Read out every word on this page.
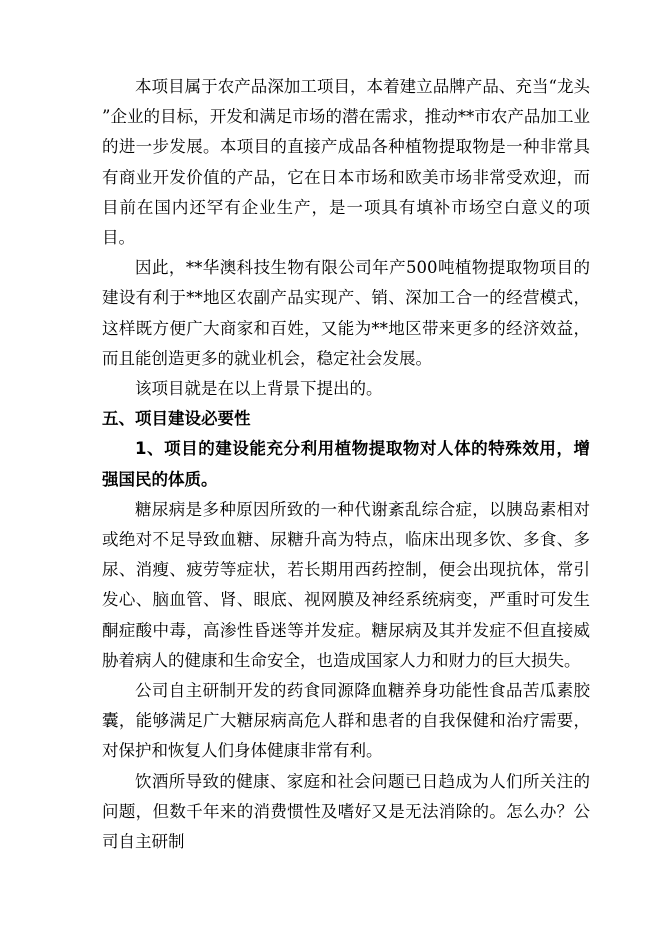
本项目属于农产品深加工项目，本着建立品牌产品、充当“龙头 ”企业的目标，开发和满足市场的潜在需求，推动**市农产品加工业的进一步发展。本项目的直接产成品各种植物提取物是一种非常具有商业开发价值的产品，它在日本市场和欧美市场非常受欢迎，而目前在国内还罕有企业生产，是一项具有填补市场空白意义的项目。

因此，**华澳科技生物有限公司年产500吨植物提取物项目的建设有利于**地区农副产品实现产、销、深加工合一的经营模式，这样既方便广大商家和百姓，又能为**地区带来更多的经济效益，而且能创造更多的就业机会，稳定社会发展。

该项目就是在以上背景下提出的。

五、项目建设必要性

1、项目的建设能充分利用植物提取物对人体的特殊效用，增强国民的体质。

糖尿病是多种原因所致的一种代谢紊乱综合症，以胰岛素相对或绝对不足导致血糖、尿糖升高为特点，临床出现多饮、多食、多尿、消瘦、疲劳等症状，若长期用西药控制，便会出现抗体，常引发心、脑血管、肾、眼底、视网膜及神经系统病变，严重时可发生酮症酸中毒，高渗性昏迷等并发症。糖尿病及其并发症不但直接威胁着病人的健康和生命安全，也造成国家人力和财力的巨大损失。

公司自主研制开发的药食同源降血糖养身功能性食品苦瓜素胶囊，能够满足广大糖尿病高危人群和患者的自我保健和治疗需要，对保护和恢复人们身体健康非常有利。

饮酒所导致的健康、家庭和社会问题已日趋成为人们所关注的问题，但数千年来的消费惯性及嗜好又是无法消除的。怎么办？公司自主研制
